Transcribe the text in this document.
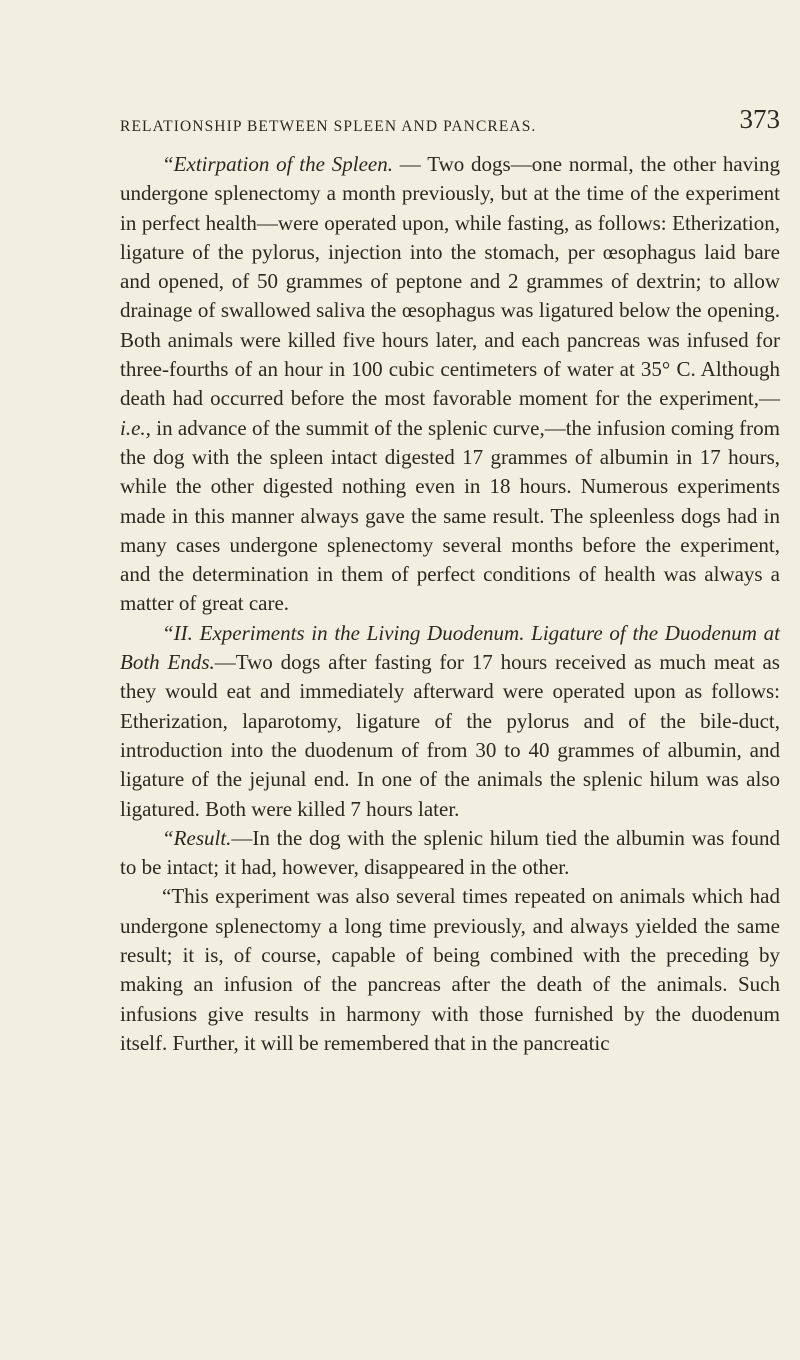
RELATIONSHIP BETWEEN SPLEEN AND PANCREAS.	373

“Extirpation of the Spleen. — Two dogs—one normal, the other having undergone splenectomy a month previously, but at the time of the experiment in perfect health—were operated upon, while fasting, as follows: Etherization, ligature of the pylorus, injection into the stomach, per œsophagus laid bare and opened, of 50 grammes of peptone and 2 grammes of dextrin; to allow drainage of swallowed saliva the œsophagus was ligatured below the opening. Both animals were killed five hours later, and each pancreas was infused for three-fourths of an hour in 100 cubic centimeters of water at 35° C. Although death had occurred before the most favorable moment for the experiment,—i.e., in advance of the summit of the splenic curve,—the infusion coming from the dog with the spleen intact digested 17 grammes of albumin in 17 hours, while the other digested nothing even in 18 hours. Numerous experiments made in this manner always gave the same result. The spleenless dogs had in many cases undergone splenectomy several months before the experiment, and the determination in them of perfect conditions of health was always a matter of great care.

“II. Experiments in the Living Duodenum. Ligature of the Duodenum at Both Ends.—Two dogs after fasting for 17 hours received as much meat as they would eat and immediately afterward were operated upon as follows: Etherization, laparotomy, ligature of the pylorus and of the bile-duct, introduction into the duodenum of from 30 to 40 grammes of albumin, and ligature of the jejunal end. In one of the animals the splenic hilum was also ligatured. Both were killed 7 hours later.

“Result.—In the dog with the splenic hilum tied the albumin was found to be intact; it had, however, disappeared in the other.

“This experiment was also several times repeated on animals which had undergone splenectomy a long time previously, and always yielded the same result; it is, of course, capable of being combined with the preceding by making an infusion of the pancreas after the death of the animals. Such infusions give results in harmony with those furnished by the duodenum itself. Further, it will be remembered that in the pancreatic
